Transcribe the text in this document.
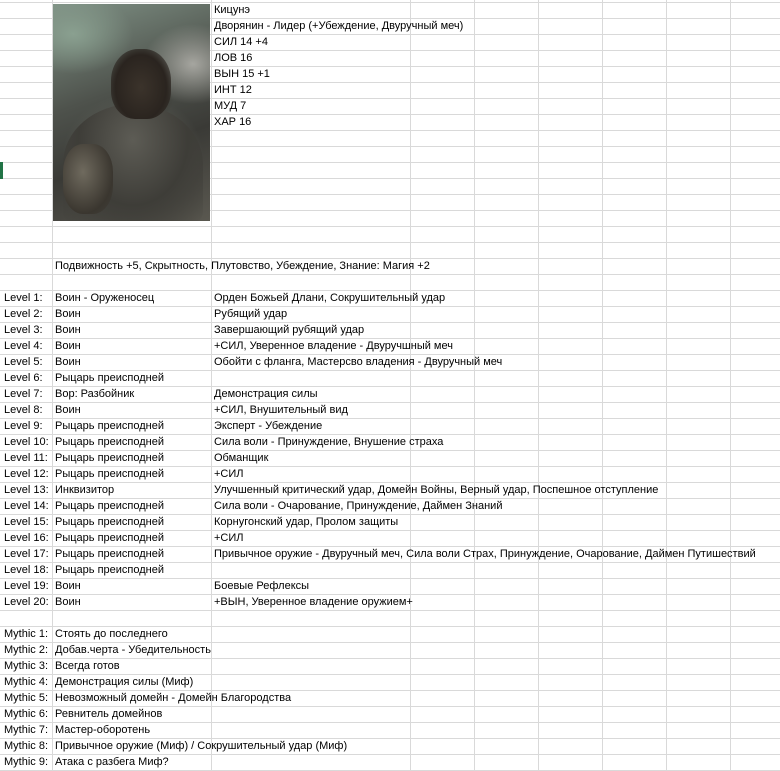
Кицунэ
Дворянин - Лидер (+Убеждение, Двуручный меч)
СИЛ 14 +4
ЛОВ 16
ВЫН 15 +1
ИНТ 12
МУД 7
ХАР 16
Подвижность +5, Скрытность, Плутовство, Убеждение, Знание: Магия +2
Level 1: Воин - Оруженосец	Орден Божьей Длани, Сокрушительный удар
Level 2: Воин	Рубящий удар
Level 3: Воин	Завершающий рубящий удар
Level 4: Воин	+СИЛ, Уверенное владение - Двуручшный меч
Level 5: Воин	Обойти с фланга, Мастерсво владения - Двуручный меч
Level 6: Рыцарь преисподней
Level 7: Вор: Разбойник	Демонстрация силы
Level 8: Воин	+СИЛ, Внушительный вид
Level 9: Рыцарь преисподней	Эксперт - Убеждение
Level 10: Рыцарь преисподней	Сила воли - Принуждение, Внушение страха
Level 11: Рыцарь преисподней	Обманщик
Level 12: Рыцарь преисподней	+СИЛ
Level 13: Инквизитор	Улучшенный критический удар, Домейн Войны, Верный удар, Поспешное отступление
Level 14: Рыцарь преисподней	Сила воли - Очарование, Принуждение, Даймен Знаний
Level 15: Рыцарь преисподней	Корнугонский удар, Пролом защиты
Level 16: Рыцарь преисподней	+СИЛ
Level 17: Рыцарь преисподней	Привычное оружие - Двуручный меч, Сила воли Страх, Принуждение, Очарование, Даймен Путишествий
Level 18: Рыцарь преисподней
Level 19: Воин	Боевые Рефлексы
Level 20: Воин	+ВЫН, Уверенное владение оружием+
Mythic 1: Стоять до последнего
Mythic 2: Добав.черта - Убедительность
Mythic 3: Всегда готов
Mythic 4: Демонстрация силы (Миф)
Mythic 5: Невозможный домейн - Домейн Благородства
Mythic 6: Ревнитель домейнов
Mythic 7: Мастер-оборотень
Mythic 8: Привычное оружие (Миф) / Сокрушительный удар (Миф)
Mythic 9: Атака с разбега Миф?
